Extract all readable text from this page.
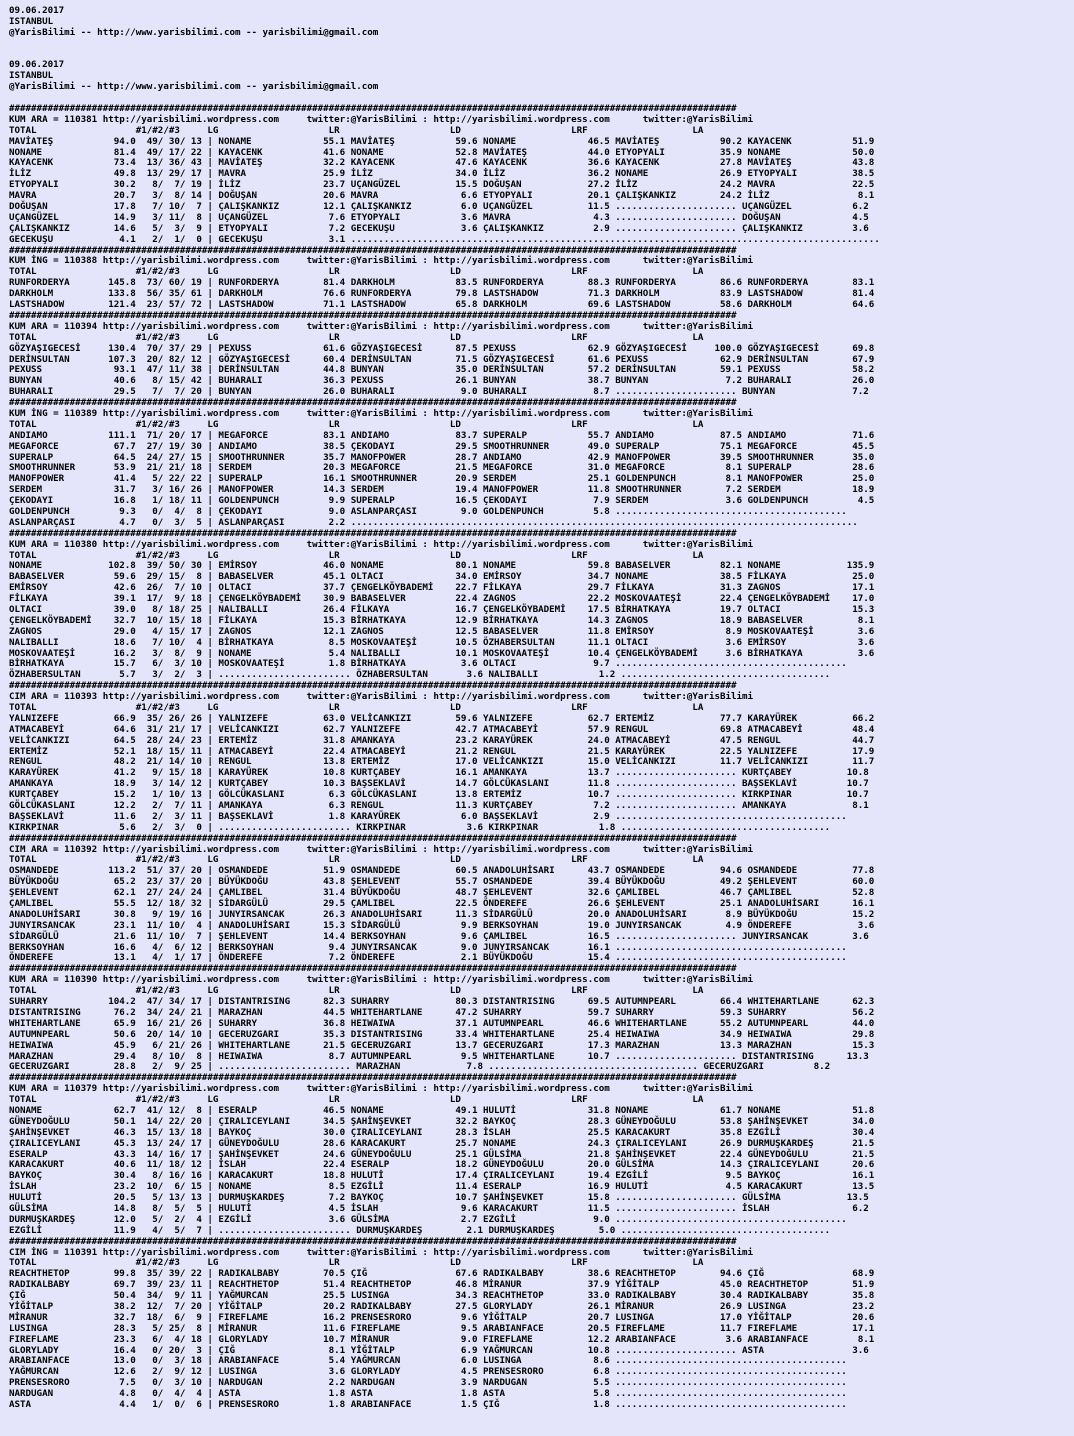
09.06.2017
ISTANBUL
@YarisBilimi -- http://www.yarisbilimi.com -- yarisbilimi@gmail.com
09.06.2017
ISTANBUL
@YarisBilimi -- http://www.yarisbilimi.com -- yarisbilimi@gmail.com
####################################################################################################################################
KUM ARA = 110381 http://yarisbilimi.wordpress.com     twitter:@YarisBilimi : http://yarisbilimi.wordpress.com      twitter:@YarisBilimi
TOTAL                  #1/#2/#3     LG                    LR                    LD                    LRF                   LA
MAVİATEŞ           94.0  49/ 30/ 13 | NONAME             55.1 MAVİATEŞ           59.6 NONAME             46.5 MAVİATEŞ           90.2 KAYACENK           51.9
NONAME             81.4  49/ 17/ 22 | KAYACENK           41.6 NONAME             52.8 MAVİATEŞ           44.0 ETYOPYALI          35.9 NONAME             50.0
KAYACENK           73.4  13/ 36/ 43 | MAVİATEŞ           32.2 KAYACENK           47.6 KAYACENK           36.6 KAYACENK           27.8 MAVİATEŞ           43.8
İLİZ               49.8  13/ 29/ 17 | MAVRA              25.9 İLİZ               34.0 İLİZ               36.2 NONAME             26.9 ETYOPYALI          38.5
ETYOPYALI          30.2   8/  7/ 19 | İLİZ               23.7 UÇANGÜZEL          15.5 DOĞUŞAN            27.2 İLİZ               24.2 MAVRA              22.5
MAVRA              20.7   3/  8/ 14 | DOĞUŞAN            20.6 MAVRA               6.6 ETYOPYALI          20.1 ÇALIŞKANKIZ        24.2 İLİZ                8.1
DOĞUŞAN            17.8   7/ 10/  7 | ÇALIŞKANKIZ        12.1 ÇALIŞKANKIZ         6.0 UÇANGÜZEL          11.5 ...................... UÇANGÜZEL           6.2
UÇANGÜZEL          14.9   3/ 11/  8 | UÇANGÜZEL           7.6 ETYOPYALI           3.6 MAVRA               4.3 ...................... DOĞUŞAN             4.5
ÇALIŞKANKIZ        14.6   5/  3/  9 | ETYOPYALI           7.2 GECEKUŞU            3.6 ÇALIŞKANKIZ         2.9 ...................... ÇALIŞKANKIZ         3.6
GECEKUŞU            4.1   2/  1/  0 | GECEKUŞU            3.1 ................................................................................................
####################################################################################################################################
KUM İNG = 110388 http://yarisbilimi.wordpress.com     twitter:@YarisBilimi : http://yarisbilimi.wordpress.com      twitter:@YarisBilimi
TOTAL                  #1/#2/#3     LG                    LR                    LD                    LRF                   LA
RUNFORDERYA       145.8  73/ 60/ 19 | RUNFORDERYA        81.4 DARKHOLM           83.5 RUNFORDERYA        88.3 RUNFORDERYA        86.6 RUNFORDERYA        83.1
DARKHOLM          133.8  56/ 35/ 61 | DARKHOLM           76.6 RUNFORDERYA        79.8 LASTSHADOW         71.3 DARKHOLM           83.9 LASTSHADOW         81.4
LASTSHADOW        121.4  23/ 57/ 72 | LASTSHADOW         71.1 LASTSHADOW         65.8 DARKHOLM           69.6 LASTSHADOW         58.6 DARKHOLM           64.6
####################################################################################################################################
KUM ARA = 110394 http://yarisbilimi.wordpress.com     twitter:@YarisBilimi : http://yarisbilimi.wordpress.com      twitter:@YarisBilimi
TOTAL                  #1/#2/#3     LG                    LR                    LD                    LRF                   LA
GÖZYAŞIGECESİ     130.4  70/ 37/ 29 | PEXUSS             61.6 GÖZYAŞIGECESİ      87.5 PEXUSS             62.9 GÖZYAŞIGECESİ     100.0 GÖZYAŞIGECESİ      69.8
DERİNSULTAN       107.3  20/ 82/ 12 | GÖZYAŞIGECESİ      60.4 DERİNSULTAN        71.5 GÖZYAŞIGECESİ      61.6 PEXUSS             62.9 DERİNSULTAN        67.9
PEXUSS             93.1  47/ 11/ 38 | DERİNSULTAN        44.8 BUNYAN             35.0 DERİNSULTAN        57.2 DERİNSULTAN        59.1 PEXUSS             58.2
BUNYAN             40.6   8/ 15/ 42 | BUHARALI           36.3 PEXUSS             26.1 BUNYAN             38.7 BUNYAN              7.2 BUHARALI           26.0
BUHARALI           29.5   7/  7/ 20 | BUNYAN             26.0 BUHARALI            9.0 BUHARALI            8.7 ...................... BUNYAN              7.2
####################################################################################################################################
KUM İNG = 110389 http://yarisbilimi.wordpress.com     twitter:@YarisBilimi : http://yarisbilimi.wordpress.com      twitter:@YarisBilimi
TOTAL                  #1/#2/#3     LG                    LR                    LD                    LRF                   LA
ANDIAMO           111.1  71/ 20/ 17 | MEGAFORCE          83.1 ANDIAMO            83.7 SUPERALP           55.7 ANDIAMO            87.5 ANDIAMO            71.6
MEGAFORCE          67.7  27/ 19/ 30 | ANDIAMO            38.5 ÇEKODAYI           29.5 SMOOTHRUNNER       49.0 SUPERALP           75.1 MEGAFORCE          45.5
SUPERALP           64.5  24/ 27/ 15 | SMOOTHRUNNER       35.7 MANOFPOWER         28.7 ANDIAMO            42.9 MANOFPOWER         39.5 SMOOTHRUNNER       35.0
SMOOTHRUNNER       53.9  21/ 21/ 18 | SERDEM             20.3 MEGAFORCE          21.5 MEGAFORCE          31.0 MEGAFORCE           8.1 SUPERALP           28.6
MANOFPOWER         41.4   5/ 22/ 22 | SUPERALP           16.1 SMOOTHRUNNER       20.9 SERDEM             25.1 GOLDENPUNCH         8.1 MANOFPOWER         25.0
SERDEM             31.7   3/ 16/ 26 | MANOFPOWER         14.3 SERDEM             19.4 MANOFPOWER         11.8 SMOOTHRUNNER        7.2 SERDEM             18.9
ÇEKODAYI           16.8   1/ 18/ 11 | GOLDENPUNCH         9.9 SUPERALP           16.5 ÇEKODAYI            7.9 SERDEM              3.6 GOLDENPUNCH         4.5
GOLDENPUNCH         9.3   0/  4/  8 | ÇEKODAYI            9.0 ASLANPARÇASI        9.0 GOLDENPUNCH         5.8 ..........................................
ASLANPARÇASI        4.7   0/  3/  5 | ASLANPARÇASI        2.2 ............................................................................................
####################################################################################################################################
KUM ARA = 110380 http://yarisbilimi.wordpress.com     twitter:@YarisBilimi : http://yarisbilimi.wordpress.com      twitter:@YarisBilimi
TOTAL                  #1/#2/#3     LG                    LR                    LD                    LRF                   LA
NONAME            102.8  39/ 50/ 30 | EMİRSOY            46.0 NONAME             80.1 NONAME             59.8 BABASELVER         82.1 NONAME            135.9
BABASELVER         59.6  29/ 15/  8 | BABASELVER         45.1 OLTACI             34.0 EMİRSOY            34.7 NONAME             38.5 FİLKAYA            25.0
EMİRSOY            42.6  26/  7/ 10 | OLTACI             37.7 ÇENGELKÖYBADEMİ    22.7 FİLKAYA            29.7 FİLKAYA            31.3 ZAGNOS             17.1
FİLKAYA            39.1  17/  9/ 18 | ÇENGELKÖYBADEMİ    30.9 BABASELVER         22.4 ZAGNOS             22.2 MOSKOVAATEŞİ       22.4 ÇENGELKÖYBADEMİ    17.0
OLTACI             39.0   8/ 18/ 25 | NALIBALLI          26.4 FİLKAYA            16.7 ÇENGELKÖYBADEMİ    17.5 BİRHATKAYA         19.7 OLTACI             15.3
ÇENGELKÖYBADEMİ    32.7  10/ 15/ 18 | FİLKAYA            15.3 BİRHATKAYA         12.9 BİRHATKAYA         14.3 ZAGNOS             18.9 BABASELVER          8.1
ZAGNOS             29.0   4/ 15/ 17 | ZAGNOS             12.1 ZAGNOS             12.5 BABASELVER         11.8 EMİRSOY             8.9 MOSKOVAATEŞİ        3.6
NALIBALLI          18.6   7/ 10/  4 | BİRHATKAYA          8.5 MOSKOVAATEŞİ       10.5 ÖZHABERSULTAN      11.1 OLTACI              3.6 EMİRSOY             3.6
MOSKOVAATEŞİ       16.2   3/  8/  9 | NONAME              5.4 NALIBALLI          10.1 MOSKOVAATEŞİ       10.4 ÇENGELKÖYBADEMİ     3.6 BİRHATKAYA          3.6
BİRHATKAYA         15.7   6/  3/ 10 | MOSKOVAATEŞİ        1.8 BİRHATKAYA          3.6 OLTACI              9.7 ..........................................
ÖZHABERSULTAN       5.7   3/  2/  3 | ........................ ÖZHABERSULTAN       3.6 NALIBALLI           1.2 ......................................
####################################################################################################################################
CIM ARA = 110393 http://yarisbilimi.wordpress.com     twitter:@YarisBilimi : http://yarisbilimi.wordpress.com      twitter:@YarisBilimi
TOTAL                  #1/#2/#3     LG                    LR                    LD                    LRF                   LA
YALNIZEFE          66.9  35/ 26/ 26 | YALNIZEFE          63.0 VELİCANKIZI        59.6 YALNIZEFE          62.7 ERTEMİZ            77.7 KARAYÜREK          66.2
ATMACABEYİ         64.6  31/ 21/ 17 | VELİCANKIZI        62.7 YALNIZEFE          42.7 ATMACABEYİ         57.9 RENGUL             69.8 ATMACABEYİ         48.4
VELİCANKIZI        64.5  28/ 24/ 23 | ERTEMİZ            31.8 AMANKAYA           23.2 KARAYÜREK          24.0 ATMACABEYİ         47.5 RENGUL             44.7
ERTEMİZ            52.1  18/ 15/ 11 | ATMACABEYİ         22.4 ATMACABEYİ         21.2 RENGUL             21.5 KARAYÜREK          22.5 YALNIZEFE          17.9
RENGUL             48.2  21/ 14/ 10 | RENGUL             13.8 ERTEMİZ            17.0 VELİCANKIZI        15.0 VELİCANKIZI        11.7 VELİCANKIZI        11.7
KARAYÜREK          41.2   9/ 15/ 18 | KARAYÜREK          10.8 KURTÇABEY          16.1 AMANKAYA           13.7 ...................... KURTÇABEY          10.8
AMANKAYA           18.9   3/ 14/ 12 | KURTÇABEY          10.3 BAŞSEKLAVİ         14.7 GÖLCÜKASLANI       11.8 ...................... BAŞSEKLAVİ         10.7
KURTÇABEY          15.2   1/ 10/ 13 | GÖLCÜKASLANI        6.3 GÖLCÜKASLANI       13.8 ERTEMİZ            10.7 ...................... KIRKPINAR          10.7
GÖLCÜKASLANI       12.2   2/  7/ 11 | AMANKAYA            6.3 RENGUL             11.3 KURTÇABEY           7.2 ...................... AMANKAYA            8.1
BAŞSEKLAVİ         11.6   2/  3/ 11 | BAŞSEKLAVİ          1.8 KARAYÜREK           6.0 BAŞSEKLAVİ          2.9 ..........................................
KIRKPINAR           5.6   2/  3/  0 | ........................ KIRKPINAR           3.6 KIRKPINAR           1.8 ......................................
####################################################################################################################################
CIM ARA = 110392 http://yarisbilimi.wordpress.com     twitter:@YarisBilimi : http://yarisbilimi.wordpress.com      twitter:@YarisBilimi
TOTAL                  #1/#2/#3     LG                    LR                    LD                    LRF                   LA
OSMANDEDE         113.2  51/ 37/ 20 | OSMANDEDE          51.9 OSMANDEDE          60.5 ANADOLUHİSARI      43.7 OSMANDEDE          94.6 OSMANDEDE          77.8
BÜYÜKDOĞU          65.2  23/ 37/ 20 | BÜYÜKDOĞU          43.8 ŞEHLEVENT          55.7 OSMANDEDE          39.4 BÜYÜKDOĞU          49.2 ŞEHLEVENT          60.0
ŞEHLEVENT          62.1  27/ 24/ 24 | ÇAMLIBEL           31.4 BÜYÜKDOĞU          48.7 ŞEHLEVENT          32.6 ÇAMLIBEL           46.7 ÇAMLIBEL           52.8
ÇAMLIBEL           55.5  12/ 18/ 32 | SİDARGÜLÜ          29.5 ÇAMLIBEL           22.5 ÖNDEREFE           26.6 ŞEHLEVENT          25.1 ANADOLUHİSARI      16.1
ANADOLUHİSARI      30.8   9/ 19/ 16 | JUNYIRSANCAK       26.3 ANADOLUHİSARI      11.3 SİDARGÜLÜ          20.0 ANADOLUHİSARI       8.9 BÜYÜKDOĞU          15.2
JUNYIRSANCAK       23.1  11/ 10/  4 | ANADOLUHİSARI      15.3 SİDARGÜLÜ           9.9 BERKSOYHAN         19.0 JUNYIRSANCAK        4.9 ÖNDEREFE            3.6
SİDARGÜLÜ          21.6  11/ 10/  7 | ŞEHLEVENT          14.4 BERKSOYHAN          9.6 ÇAMLIBEL           16.5 ...................... JUNYIRSANCAK        3.6
BERKSOYHAN         16.6   4/  6/ 12 | BERKSOYHAN          9.4 JUNYIRSANCAK        9.0 JUNYIRSANCAK       16.1 ..........................................
ÖNDEREFE           13.1   4/  1/ 17 | ÖNDEREFE            7.2 ÖNDEREFE            2.1 BÜYÜKDOĞU          15.4 ..........................................
####################################################################################################################################
KUM ARA = 110390 http://yarisbilimi.wordpress.com     twitter:@YarisBilimi : http://yarisbilimi.wordpress.com      twitter:@YarisBilimi
TOTAL                  #1/#2/#3     LG                    LR                    LD                    LRF                   LA
SUHARRY           104.2  47/ 34/ 17 | DISTANTRISING      82.3 SUHARRY            80.3 DISTANTRISING      69.5 AUTUMNPEARL        66.4 WHITEHARTLANE      62.3
DISTANTRISING      76.2  34/ 24/ 21 | MARAZHAN           44.5 WHITEHARTLANE      47.2 SUHARRY            59.7 SUHARRY            59.3 SUHARRY            56.2
WHITEHARTLANE      65.9  16/ 21/ 26 | SUHARRY            36.8 HEIWAIWA           37.1 AUTUMNPEARL        46.6 WHITEHARTLANE      55.2 AUTUMNPEARL        44.0
AUTUMNPEARL        50.6  20/ 14/ 10 | GECERUZGARI        35.3 DISTANTRISING      33.4 WHITEHARTLANE      25.4 HEIWAIWA           34.9 HEIWAIWA           29.8
HEIWAIWA           45.9   6/ 21/ 26 | WHITEHARTLANE      21.5 GECERUZGARI        13.7 GECERUZGARI        17.3 MARAZHAN           13.3 MARAZHAN           15.3
MARAZHAN           29.4   8/ 10/  8 | HEIWAIWA            8.7 AUTUMNPEARL         9.5 WHITEHARTLANE      10.7 ...................... DISTANTRISING      13.3
GECERUZGARI        28.8   2/  9/ 25 | ........................ MARAZHAN            7.8 ...................................... GECERUZGARI         8.2
####################################################################################################################################
KUM ARA = 110379 http://yarisbilimi.wordpress.com     twitter:@YarisBilimi : http://yarisbilimi.wordpress.com      twitter:@YarisBilimi
TOTAL                  #1/#2/#3     LG                    LR                    LD                    LRF                   LA
NONAME             62.7  41/ 12/  8 | ESERALP            46.5 NONAME             49.1 HULUTİ             31.8 NONAME             61.7 NONAME             51.8
GÜNEYDOĞULU        50.1  14/ 22/ 20 | ÇIRALICEYLANI      34.5 ŞAHİNŞEVKET        32.2 BAYKOÇ             28.3 GÜNEYDOĞULU        53.8 ŞAHİNŞEVKET        34.0
ŞAHİNŞEVKET        46.3  15/ 13/ 18 | BAYKOÇ             30.0 ÇIRALICEYLANI      28.3 İSLAH              25.5 KARACAKURT         35.8 EZGİLİ             30.4
ÇIRALICEYLANI      45.3  13/ 24/ 17 | GÜNEYDOĞULU        28.6 KARACAKURT         25.7 NONAME             24.3 ÇIRALICEYLANI      26.9 DURMUŞKARDEŞ       21.5
ESERALP            43.3  14/ 16/ 17 | ŞAHİNŞEVKET        24.6 GÜNEYDOĞULU        25.1 GÜLSİMA            21.8 ŞAHİNŞEVKET        22.4 GÜNEYDOĞULU        21.5
KARACAKURT         40.6  11/ 18/ 12 | İSLAH              22.4 ESERALP            18.2 GÜNEYDOĞULU        20.0 GÜLSİMA            14.3 ÇIRALICEYLANI      20.6
BAYKOÇ             30.4   8/ 16/ 16 | KARACAKURT         18.8 HULUTİ             17.4 ÇIRALICEYLANI      19.4 EZGİLİ              9.5 BAYKOÇ             16.1
İSLAH              23.2  10/  6/ 15 | NONAME              8.5 EZGİLİ             11.4 ESERALP            16.9 HULUTİ              4.5 KARACAKURT         13.5
HULUTİ             20.5   5/ 13/ 13 | DURMUŞKARDEŞ        7.2 BAYKOÇ             10.7 ŞAHİNŞEVKET        15.8 ...................... GÜLSİMA            13.5
GÜLSİMA            14.8   8/  5/  5 | HULUTİ              4.5 İSLAH               9.6 KARACAKURT         11.5 ...................... İSLAH               6.2
DURMUŞKARDEŞ       12.0   5/  2/  4 | EZGİLİ              3.6 GÜLSİMA             2.7 EZGİLİ              9.0 ..........................................
EZGİLİ             11.9   4/  5/  7 | ........................ DURMUŞKARDEŞ        2.1 DURMUŞKARDEŞ        5.0 ......................................
####################################################################################################################################
CIM İNG = 110391 http://yarisbilimi.wordpress.com     twitter:@YarisBilimi : http://yarisbilimi.wordpress.com      twitter:@YarisBilimi
TOTAL                  #1/#2/#3     LG                    LR                    LD                    LRF                   LA
REACHTHETOP        99.8  35/ 39/ 22 | RADIKALBABY        70.5 ÇIĞ                67.6 RADIKALBABY        38.6 REACHTHETOP        94.6 ÇIĞ                68.9
RADIKALBABY        69.7  39/ 23/ 11 | REACHTHETOP        51.4 REACHTHETOP        46.8 MİRANUR            37.9 YİĞİTALP           45.0 REACHTHETOP        51.9
ÇIĞ                50.4  34/  9/ 11 | YAĞMURCAN          25.5 LUSINGA            34.3 REACHTHETOP        33.0 RADIKALBABY        30.4 RADIKALBABY        35.8
YİĞİTALP           38.2  12/  7/ 20 | YİĞİTALP           20.2 RADIKALBABY        27.5 GLORYLADY          26.1 MİRANUR            26.9 LUSINGA            23.2
MİRANUR            32.7  18/  6/  9 | FIREFLAME          16.2 PRENSESRORO         9.6 YİĞİTALP           20.7 LUSINGA            17.0 YİĞİTALP           20.6
LUSINGA            28.3   5/ 25/  8 | MİRANUR            11.6 FIREFLAME           9.5 ARABIANFACE        20.5 FIREFLAME          11.7 FIREFLAME          17.1
FIREFLAME          23.3   6/  4/ 18 | GLORYLADY          10.7 MİRANUR             9.0 FIREFLAME          12.2 ARABIANFACE         3.6 ARABIANFACE         8.1
GLORYLADY          16.4   0/ 20/  3 | ÇIĞ                 8.1 YİĞİTALP            6.9 YAĞMURCAN          10.8 ...................... ASTA                3.6
ARABIANFACE        13.0   0/  3/ 18 | ARABIANFACE         5.4 YAĞMURCAN           6.0 LUSINGA             8.6 ..........................................
YAĞMURCAN          12.6   2/  9/ 12 | LUSINGA             3.6 GLORYLADY           4.5 PRENSESRORO         6.8 ..........................................
PRENSESRORO         7.5   0/  3/ 10 | NARDUGAN            2.2 NARDUGAN            3.9 NARDUGAN            5.5 ..........................................
NARDUGAN            4.8   0/  4/  4 | ASTA                1.8 ASTA                1.8 ASTA                5.8 ..........................................
ASTA                4.4   1/  0/  6 | PRENSESRORO         1.8 ARABIANFACE         1.5 ÇIĞ                 1.8 ..........................................
